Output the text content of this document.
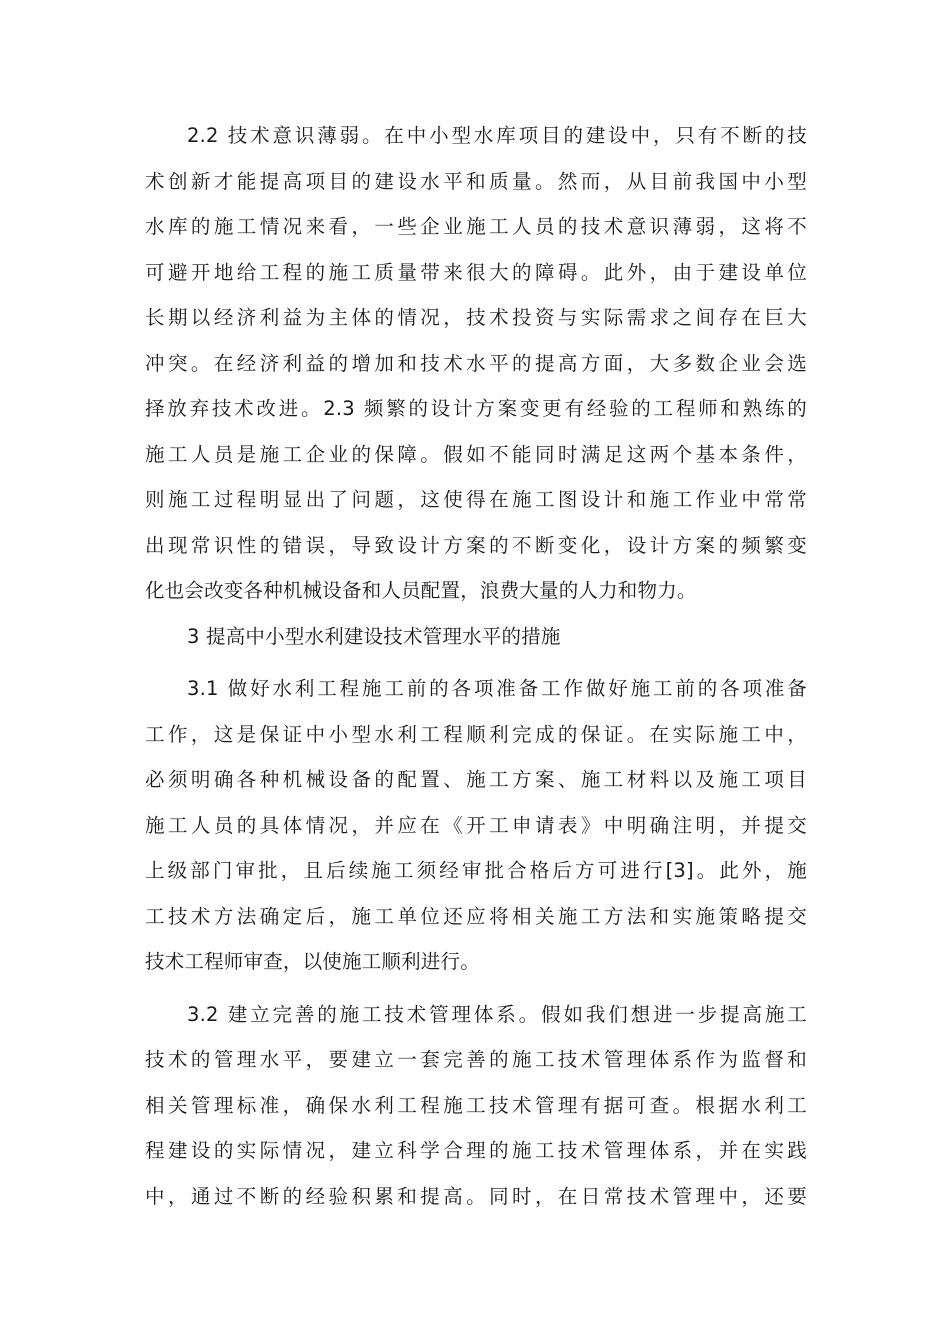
2.2 技术意识薄弱。在中小型水库项目的建设中，只有不断的技
术创新才能提高项目的建设水平和质量。然而，从目前我国中小型
水库的施工情况来看，一些企业施工人员的技术意识薄弱，这将不
可避开地给工程的施工质量带来很大的障碍。此外，由于建设单位
长期以经济利益为主体的情况，技术投资与实际需求之间存在巨大
冲突。在经济利益的增加和技术水平的提高方面，大多数企业会选
择放弃技术改进。2.3 频繁的设计方案变更有经验的工程师和熟练的
施工人员是施工企业的保障。假如不能同时满足这两个基本条件，
则施工过程明显出了问题，这使得在施工图设计和施工作业中常常
出现常识性的错误，导致设计方案的不断变化，设计方案的频繁变
化也会改变各种机械设备和人员配置，浪费大量的人力和物力。
3 提高中小型水利建设技术管理水平的措施
3.1 做好水利工程施工前的各项准备工作做好施工前的各项准备
工作，这是保证中小型水利工程顺利完成的保证。在实际施工中，
必须明确各种机械设备的配置、施工方案、施工材料以及施工项目
施工人员的具体情况，并应在《开工申请表》中明确注明，并提交
上级部门审批，且后续施工须经审批合格后方可进行[3]。此外，施
工技术方法确定后，施工单位还应将相关施工方法和实施策略提交
技术工程师审查，以使施工顺利进行。
3.2 建立完善的施工技术管理体系。假如我们想进一步提高施工
技术的管理水平，要建立一套完善的施工技术管理体系作为监督和
相关管理标准，确保水利工程施工技术管理有据可查。根据水利工
程建设的实际情况，建立科学合理的施工技术管理体系，并在实践
中，通过不断的经验积累和提高。同时，在日常技术管理中，还要
